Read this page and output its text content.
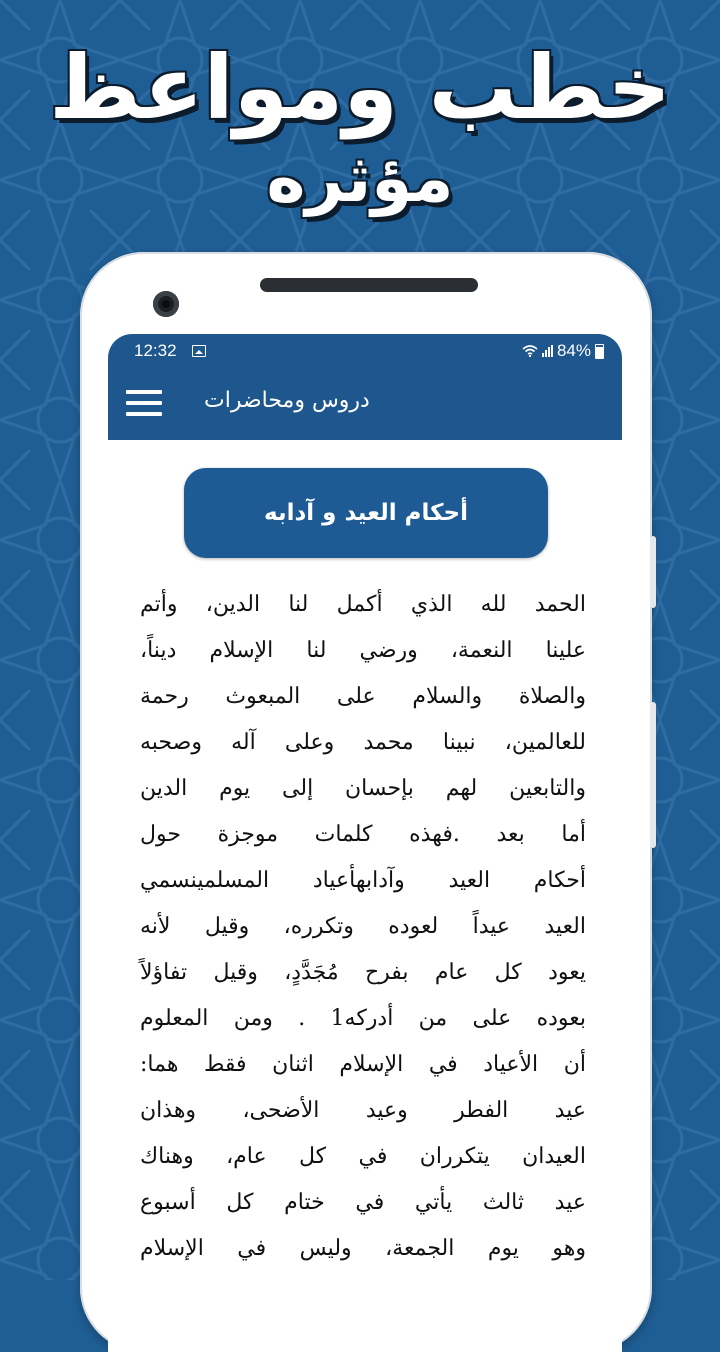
خطب ومواعظ
مؤثره
12:32	84%
دروس ومحاضرات
أحكام العيد و آدابه
الحمد لله الذي أكمل لنا الدين، وأتم
علينا النعمة، ورضي لنا الإسلام ديناً،
والصلاة والسلام على المبعوث رحمة
للعالمين، نبينا محمد وعلى آله وصحبه
والتابعين لهم بإحسان إلى يوم الدين
أما بعد .فهذه كلمات موجزة حول
أحكام العيد وآدابهأعياد المسلمينسمي
العيد عيداً لعوده وتكرره، وقيل لأنه
يعود كل عام بفرح مُجَدَّدٍ، وقيل تفاؤلاً
بعوده على من أدركه1 . ومن المعلوم
أن الأعياد في الإسلام اثنان فقط هما:
عيد الفطر وعيد الأضحى، وهذان
العيدان يتكرران في كل عام، وهناك
عيد ثالث يأتي في ختام كل أسبوع
وهو يوم الجمعة، وليس في الإسلام
